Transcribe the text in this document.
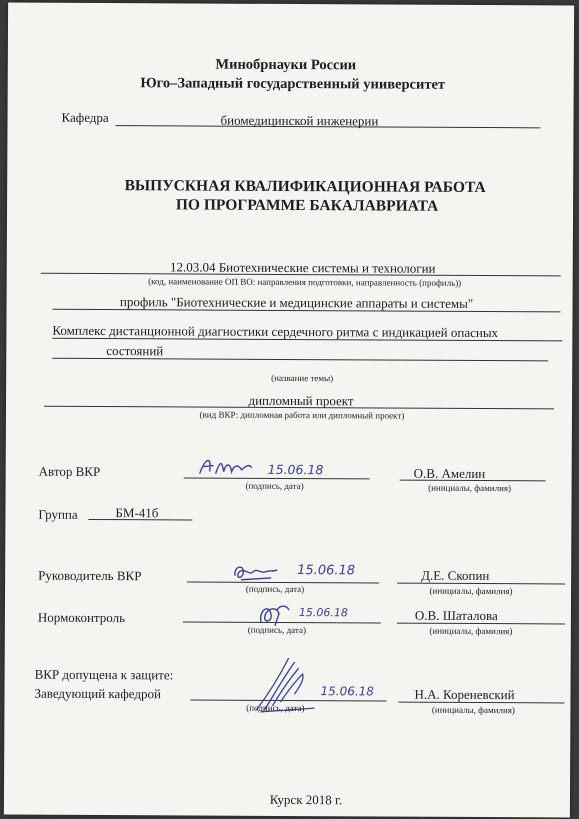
Минобрнауки России
Юго–Западный государственный университет
Кафедра	биомедицинской инженерии
ВЫПУСКНАЯ КВАЛИФИКАЦИОННАЯ РАБОТА
ПО ПРОГРАММЕ БАКАЛАВРИАТА
12.03.04 Биотехнические системы и технологии
(код, наименование ОП ВО: направления подготовки, направленность (профиль))
профиль "Биотехнические и медицинские аппараты и системы"
Комплекс дистанционной диагностики сердечного ритма с индикацией опасных
состояний
(название темы)
дипломный проект
(вид ВКР: дипломная работа или дипломный проект)
Автор ВКР	15.06.18
(подпись, дата)
О.В. Амелин
(инициалы, фамилия)
Группа	БМ-41б
Руководитель ВКР	15.06.18
(подпись, дата)
Д.Е. Скопин
(инициалы, фамилия)
Нормоконтроль	15.06.18
(подпись, дата)
О.В. Шаталова
(инициалы, фамилия)
ВКР допущена к защите:
Заведующий кафедрой	15.06.18
(подпись, дата)
Н.А. Кореневский
(инициалы, фамилия)
Курск 2018 г.
